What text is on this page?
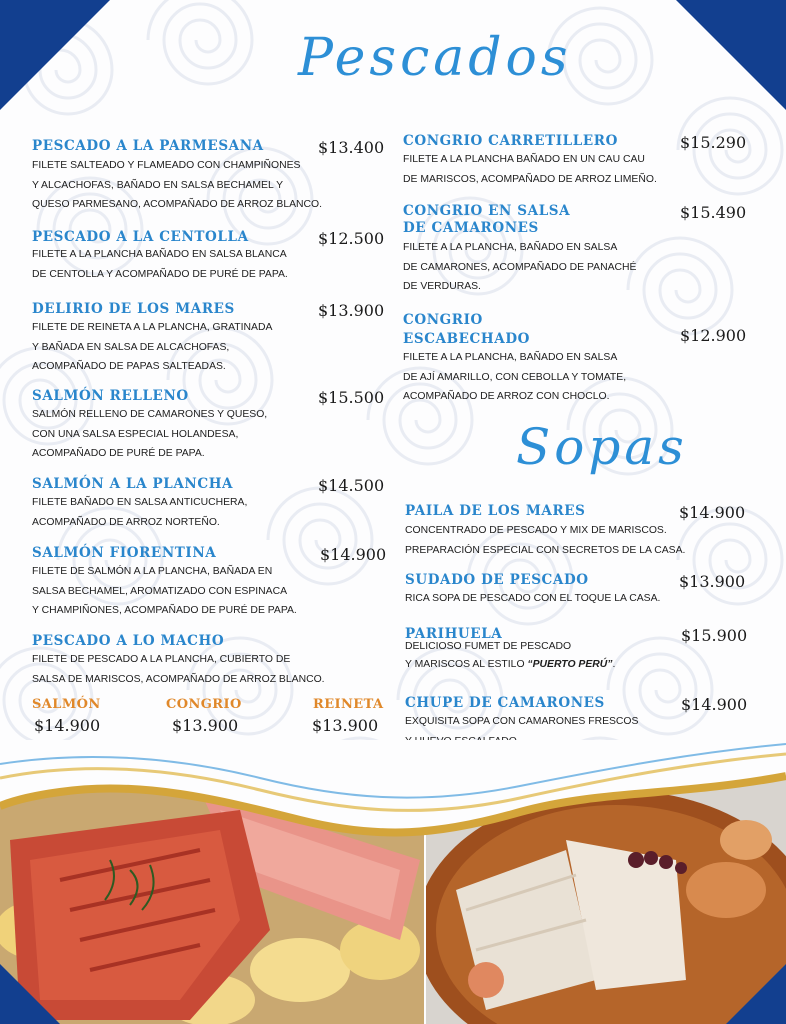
Pescados
PESCADO A LA PARMESANA	$13.400
FILETE SALTEADO Y FLAMEADO CON CHAMPIÑONES
Y ALCACHOFAS, BAÑADO EN SALSA BECHAMEL Y
QUESO PARMESANO, ACOMPAÑADO DE ARROZ BLANCO.
PESCADO A LA CENTOLLA	$12.500
FILETE A LA PLANCHA BAÑADO EN SALSA BLANCA
DE CENTOLLA Y ACOMPAÑADO DE PURÉ DE PAPA.
DELIRIO DE LOS MARES	$13.900
FILETE DE REINETA A LA PLANCHA, GRATINADA
Y BAÑADA EN SALSA DE ALCACHOFAS,
ACOMPAÑADO DE PAPAS SALTEADAS.
SALMÓN RELLENO	$15.500
SALMÓN RELLENO DE CAMARONES Y QUESO,
CON UNA SALSA ESPECIAL HOLANDESA,
ACOMPAÑADO DE PURÉ DE PAPA.
SALMÓN A LA PLANCHA	$14.500
FILETE BAÑADO EN SALSA ANTICUCHERA,
ACOMPAÑADO DE ARROZ NORTEÑO.
SALMÓN FIORENTINA	$14.900
FILETE DE SALMÓN A LA PLANCHA, BAÑADA EN
SALSA BECHAMEL, AROMATIZADO CON ESPINACA
Y CHAMPIÑONES, ACOMPAÑADO DE PURÉ DE PAPA.
PESCADO A LO MACHO
FILETE DE PESCADO A LA PLANCHA, CUBIERTO DE
SALSA DE MARISCOS, ACOMPAÑADO DE ARROZ BLANCO.
SALMÓN
$14.900
CONGRIO
$13.900
REINETA
$13.900
CONGRIO CARRETILLERO	$15.290
FILETE A LA PLANCHA BAÑADO EN UN CAU CAU
DE MARISCOS, ACOMPAÑADO DE ARROZ LIMEÑO.
CONGRIO EN SALSA
DE CAMARONES
$15.490
FILETE A LA PLANCHA, BAÑADO EN SALSA
DE CAMARONES, ACOMPAÑADO DE PANACHÉ
DE VERDURAS.
CONGRIO
ESCABECHADO	$12.900
FILETE A LA PLANCHA, BAÑADO EN SALSA
DE AJÍ AMARILLO, CON CEBOLLA Y TOMATE,
ACOMPAÑADO DE ARROZ CON CHOCLO.
Sopas
PAILA DE LOS MARES	$14.900
CONCENTRADO DE PESCADO Y MIX DE MARISCOS.
PREPARACIÓN ESPECIAL CON SECRETOS DE LA CASA.
SUDADO DE PESCADO	$13.900
RICA SOPA DE PESCADO CON EL TOQUE LA CASA.
PARIHUELA	$15.900
DELICIOSO FUMET DE PESCADO
Y MARISCOS AL ESTILO “PUERTO PERÚ”.
CHUPE DE CAMARONES	$14.900
EXQUISITA SOPA CON CAMARONES FRESCOS
